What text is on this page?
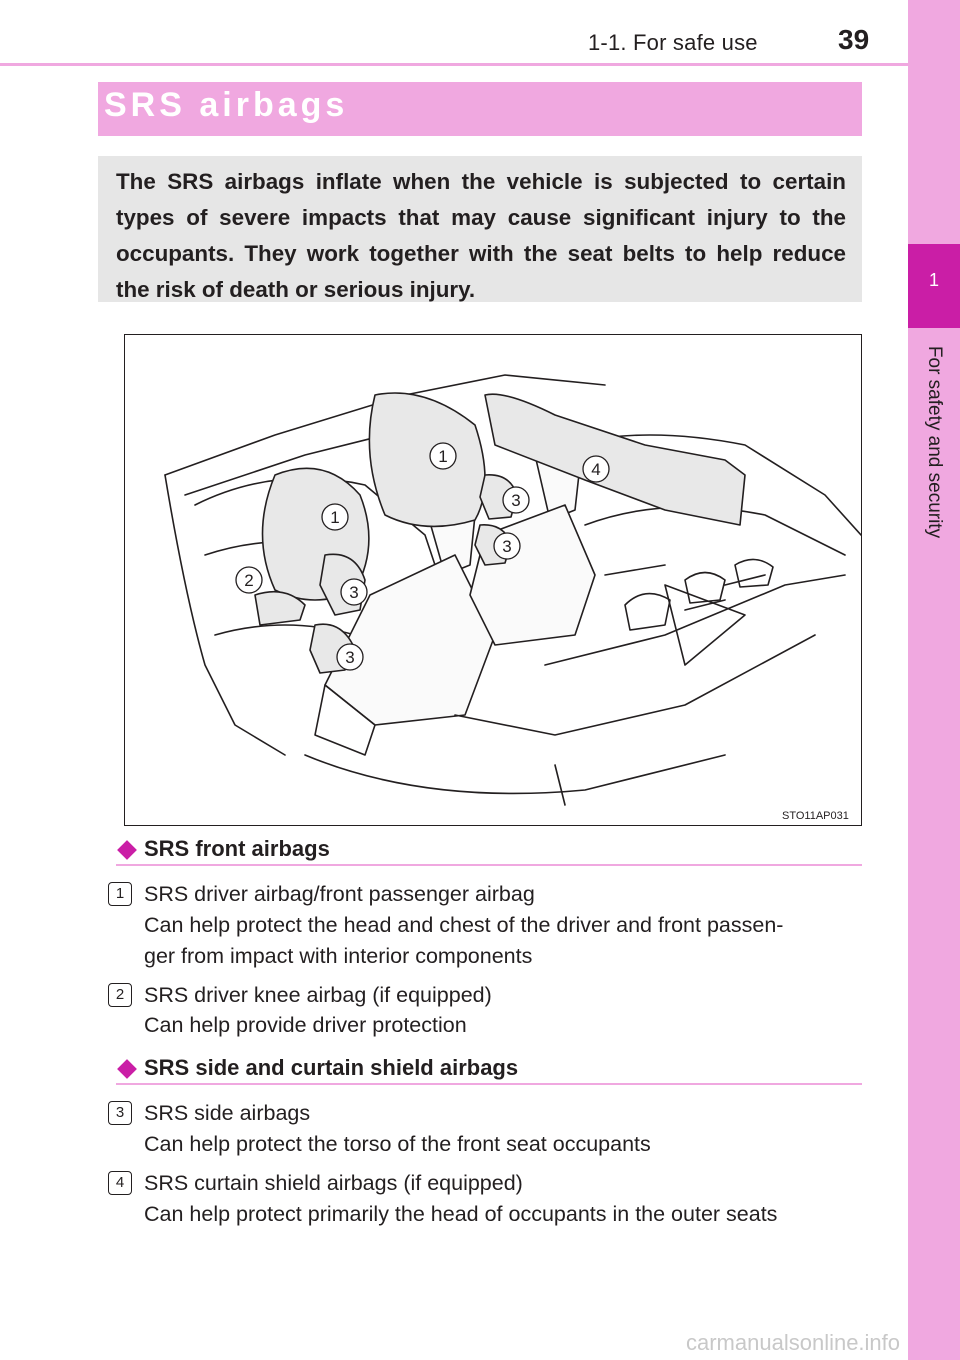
1-1. For safe use	39
1
For safety and security
SRS airbags
The SRS airbags inflate when the vehicle is subjected to certain types of severe impacts that may cause significant injury to the occupants. They work together with the seat belts to help reduce the risk of death or serious injury.
1
1
2
3
3
3
3
4
STO11AP031
SRS front airbags
1 SRS driver airbag/front passenger airbag
Can help protect the head and chest of the driver and front passen-
ger from impact with interior components
2 SRS driver knee airbag (if equipped)
Can help provide driver protection
SRS side and curtain shield airbags
3 SRS side airbags
Can help protect the torso of the front seat occupants
4 SRS curtain shield airbags (if equipped)
Can help protect primarily the head of occupants in the outer seats
carmanualsonline.info
